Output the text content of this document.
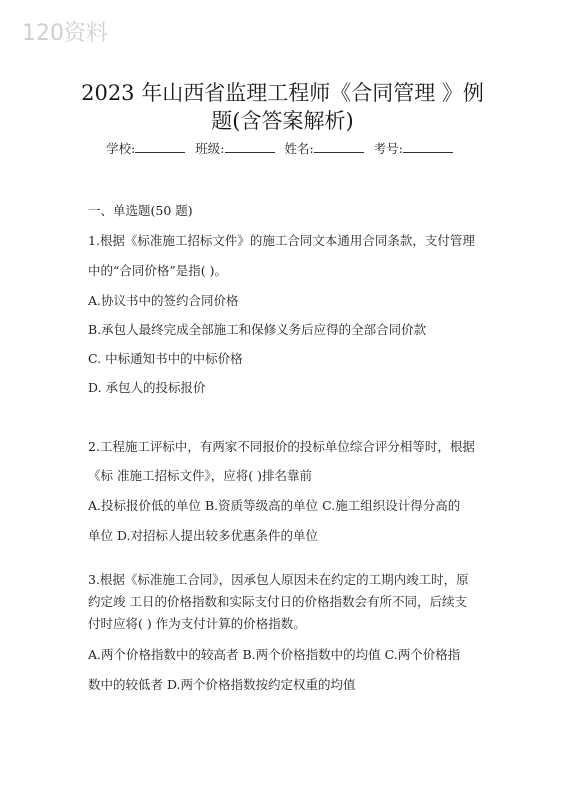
120资料
2023 年山西省监理工程师《合同管理 》例
题(含答案解析)
学校:	班级:	姓名:	考号:
一、单选题(50 题)
1.根据《标准施工招标文件》的施工合同文本通用合同条款，支付管理
中的“合同价格”是指( )。
A.协议书中的签约合同价格
B.承包人最终完成全部施工和保修义务后应得的全部合同价款
C. 中标通知书中的中标价格
D. 承包人的投标报价
2.工程施工评标中，有两家不同报价的投标单位综合评分相等时，根据
《标 准施工招标文件》，应将( )排名靠前
A.投标报价低的单位 B.资质等级高的单位 C.施工组织设计得分高的
单位 D.对招标人提出较多优惠条件的单位
3.根据《标准施工合同》，因承包人原因未在约定的工期内竣工时，原
约定竣 工日的价格指数和实际支付日的价格指数会有所不同，后续支
付时应将( ) 作为支付计算的价格指数。
A.两个价格指数中的较高者 B.两个价格指数中的均值 C.两个价格指
数中的较低者 D.两个价格指数按约定权重的均值
